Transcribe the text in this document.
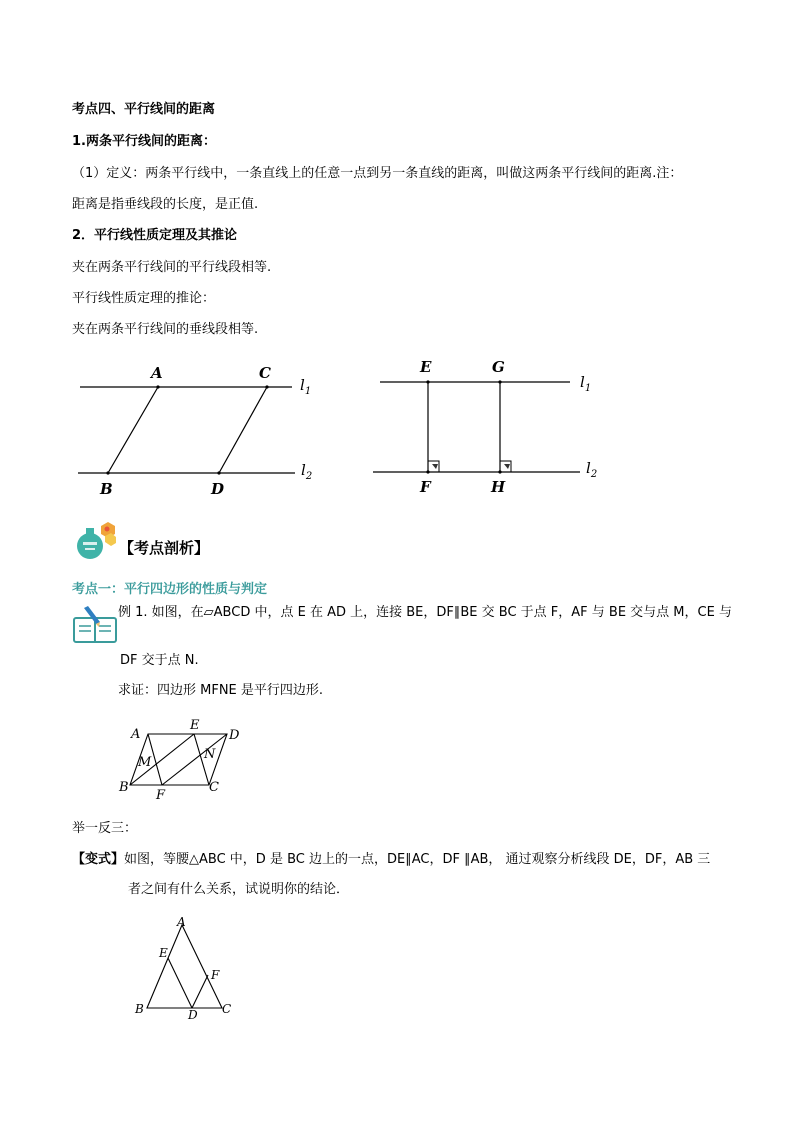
考点四、平行线间的距离
1.两条平行线间的距离：
（1）定义：两条平行线中，一条直线上的任意一点到另一条直线的距离，叫做这两条平行线间的距离.注：
距离是指垂线段的长度，是正值.
2．平行线性质定理及其推论
夹在两条平行线间的平行线段相等.
平行线性质定理的推论：
夹在两条平行线间的垂线段相等.
A	C
B	D
$l_1$
$l_2$
E	G
F	H
$l_1$
$l_2$
【考点剖析】
考点一：平行四边形的性质与判定
例 1. 如图，在▱ABCD 中，点 E 在 AD 上，连接 BE，DF∥BE 交 BC 于点 F，AF 与 BE 交与点 M，CE 与
DF 交于点 N.
求证：四边形 MFNE 是平行四边形.
A
E
D
M
N
B
F
C
举一反三：
【变式】如图，等腰△ABC 中，D 是 BC 边上的一点，DE∥AC，DF ∥AB， 通过观察分析线段 DE，DF，AB 三
者之间有什么关系，试说明你的结论．
A
E
F
B	D C
